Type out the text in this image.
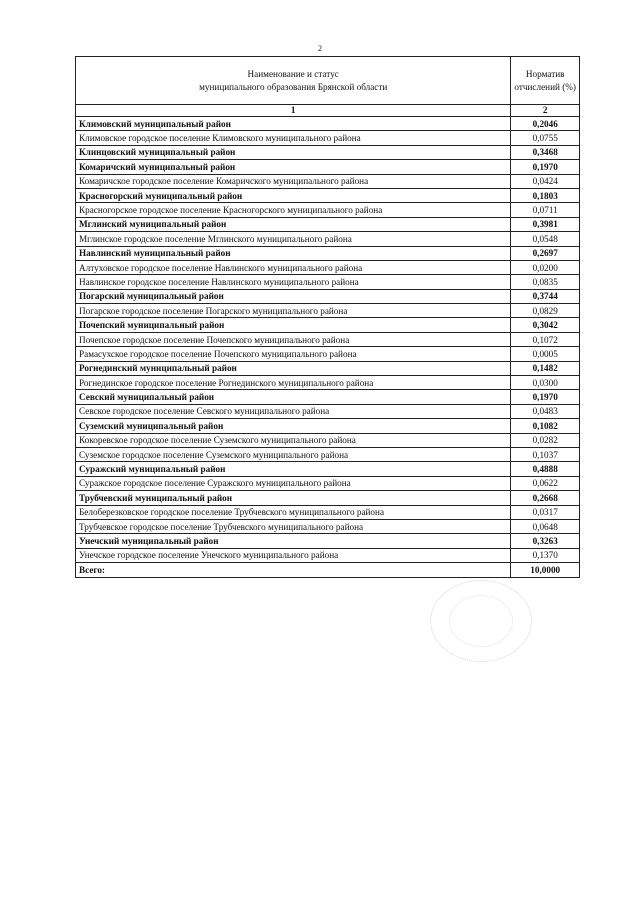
2
Наименование и статус
муниципального образования Брянской области	Норматив
отчислений (%)

1	2
Климовский муниципальный район	0,2046
Климовское городское поселение Климовского муниципального района	0,0755
Клинцовский муниципальный район	0,3468
Комаричский муниципальный район	0,1970
Комаричское городское поселение Комаричского муниципального района	0,0424
Красногорский муниципальный район	0,1803
Красногорское городское поселение Красногорского муниципального района	0,0711
Мглинский муниципальный район	0,3981
Мглинское городское поселение Мглинского муниципального района	0,0548
Навлинский муниципальный район	0,2697
Алтуховское городское поселение Навлинского муниципального района	0,0200
Навлинское городское поселение Навлинского муниципального района	0,0835
Погарский муниципальный район	0,3744
Погарское городское поселение Погарского муниципального района	0,0829
Почепский муниципальный район	0,3042
Почепское городское поселение Почепского муниципального района	0,1072
Рамасухское городское поселение Почепского муниципального района	0,0005
Рогнединский муниципальный район	0,1482
Рогнединское городское поселение Рогнединского муниципального района	0,0300
Севский муниципальный район	0,1970
Севское городское поселение Севского муниципального района	0,0483
Суземский муниципальный район	0,1082
Кокоревское городское поселение Суземского муниципального района	0,0282
Суземское городское поселение Суземского муниципального района	0,1037
Суражский муниципальный район	0,4888
Суражское городское поселение Суражского муниципального района	0,0622
Трубчевский муниципальный район	0,2668
Белоберезковское городское поселение Трубчевского муниципального района	0,0317
Трубчевское городское поселение Трубчевского муниципального района	0,0648
Унечский муниципальный район	0,3263
Унечское городское поселение Унечского муниципального района	0,1370
Всего:	10,0000
